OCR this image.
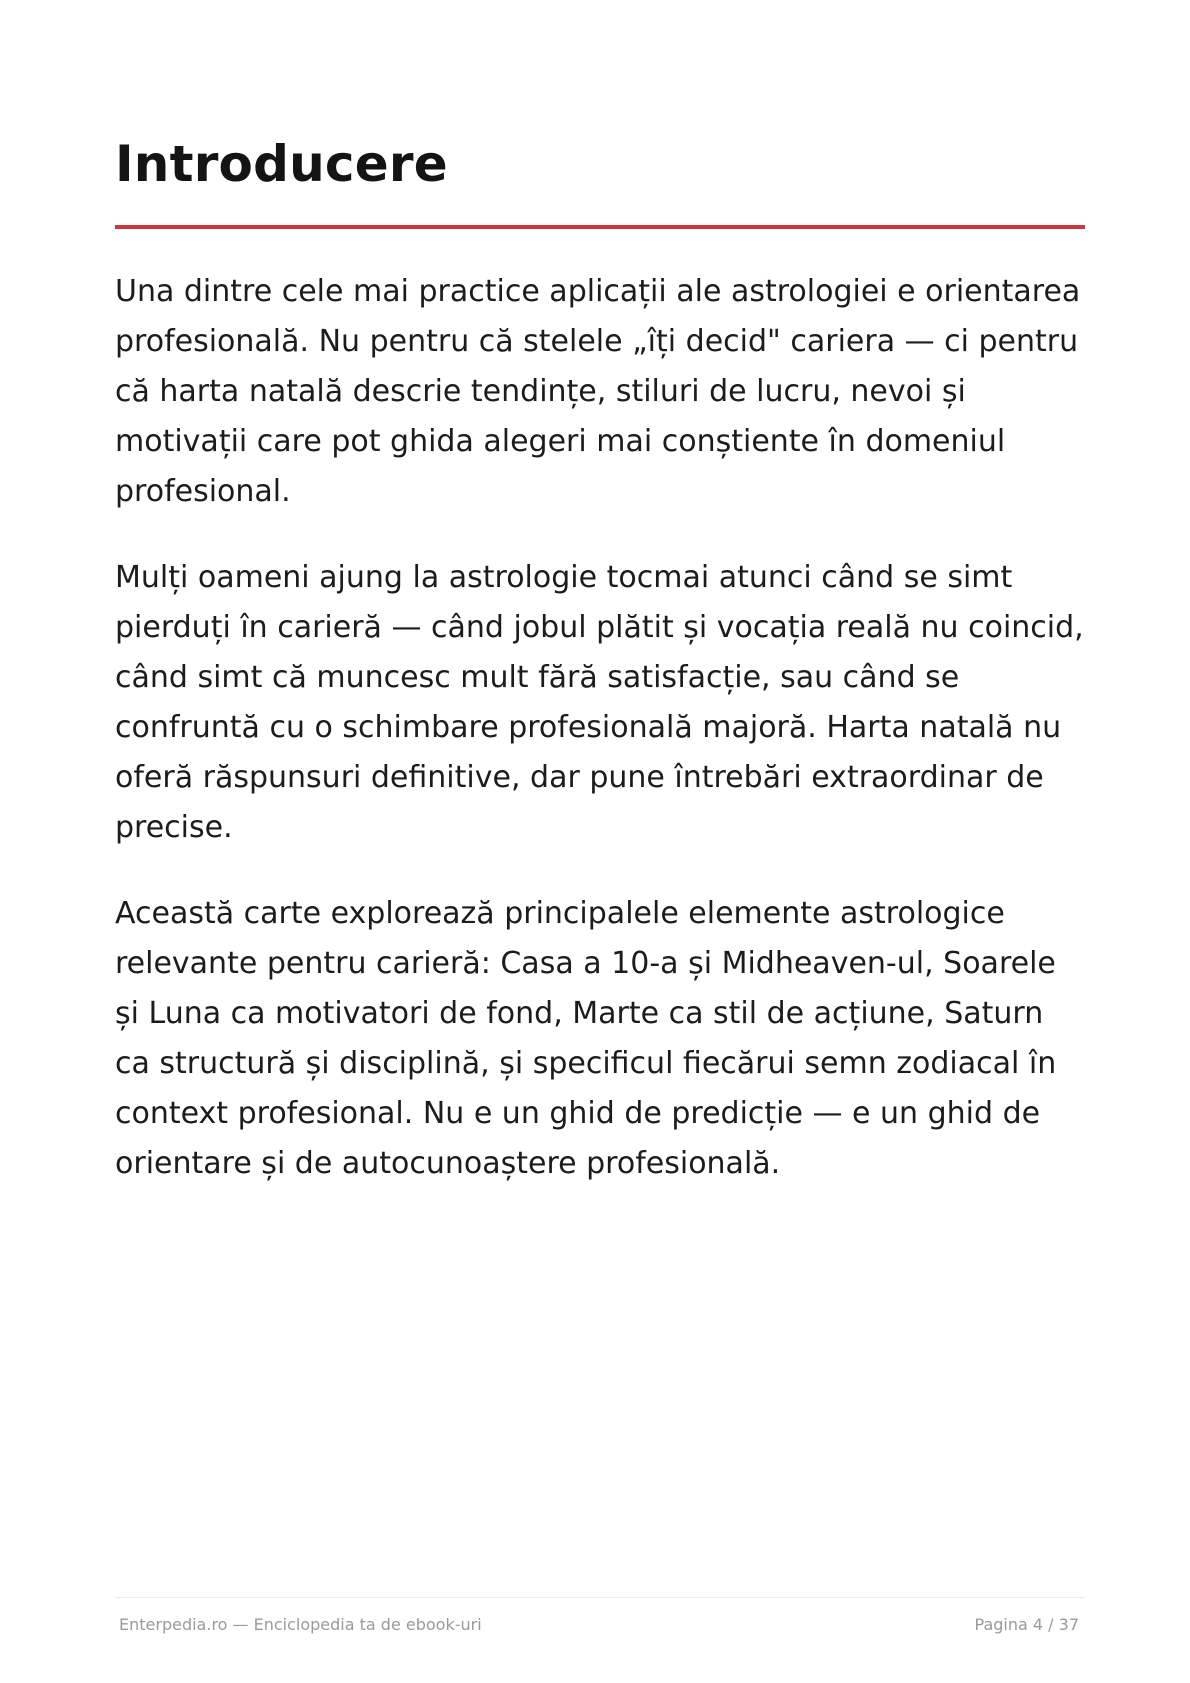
Introducere

Una dintre cele mai practice aplicații ale astrologiei e orientarea profesională. Nu pentru că stelele „îți decid" cariera — ci pentru că harta natală descrie tendințe, stiluri de lucru, nevoi și motivații care pot ghida alegeri mai conștiente în domeniul profesional.

Mulți oameni ajung la astrologie tocmai atunci când se simt pierduți în carieră — când jobul plătit și vocația reală nu coincid, când simt că muncesc mult fără satisfacție, sau când se confruntă cu o schimbare profesională majoră. Harta natală nu oferă răspunsuri definitive, dar pune întrebări extraordinar de precise.

Această carte explorează principalele elemente astrologice relevante pentru carieră: Casa a 10-a și Midheaven-ul, Soarele și Luna ca motivatori de fond, Marte ca stil de acțiune, Saturn ca structură și disciplină, și specificul fiecărui semn zodiacal în context profesional. Nu e un ghid de predicție — e un ghid de orientare și de autocunoaștere profesională.

Enterpedia.ro — Enciclopedia ta de ebook-uri	Pagina 4 / 37
